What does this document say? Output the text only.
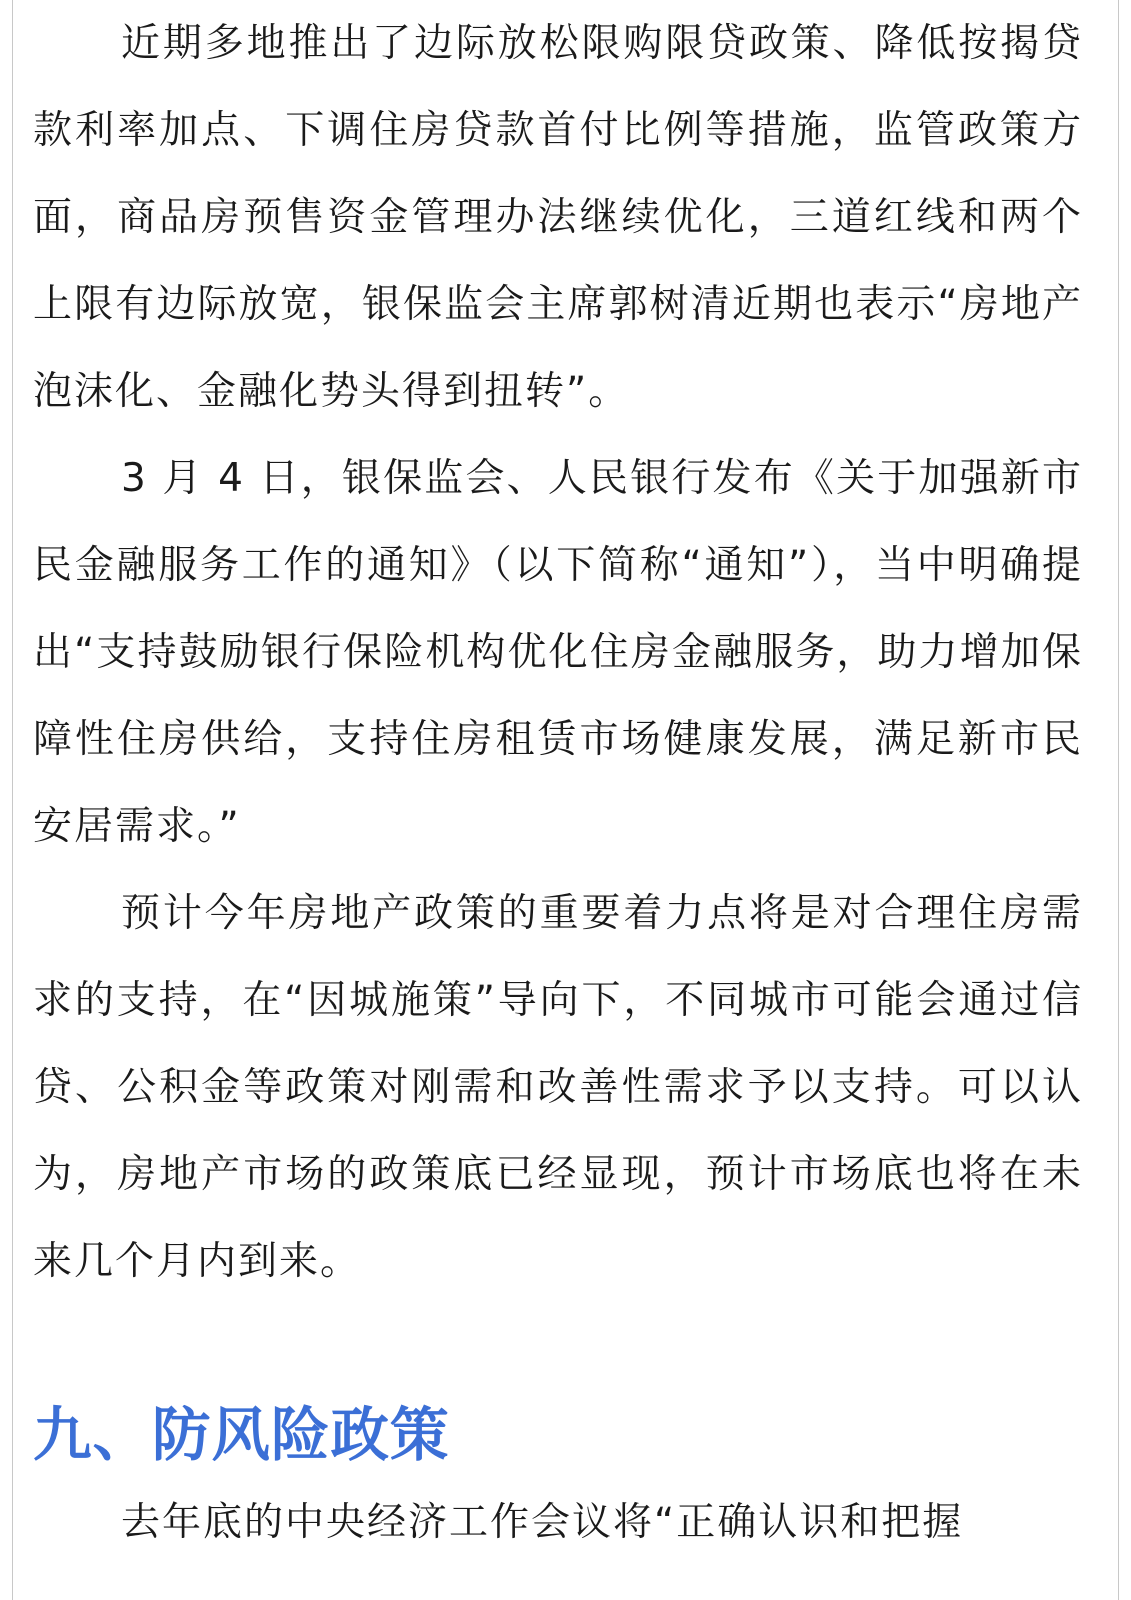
近期多地推出了边际放松限购限贷政策、降低按揭贷款利率加点、下调住房贷款首付比例等措施，监管政策方面，商品房预售资金管理办法继续优化，三道红线和两个上限有边际放宽，银保监会主席郭树清近期也表示“房地产泡沫化、金融化势头得到扭转”。

3 月 4 日，银保监会、人民银行发布《关于加强新市民金融服务工作的通知》（以下简称“通知”），当中明确提出“支持鼓励银行保险机构优化住房金融服务，助力增加保障性住房供给，支持住房租赁市场健康发展，满足新市民安居需求。”

预计今年房地产政策的重要着力点将是对合理住房需求的支持，在“因城施策”导向下，不同城市可能会通过信贷、公积金等政策对刚需和改善性需求予以支持。可以认为，房地产市场的政策底已经显现，预计市场底也将在未来几个月内到来。

九、防风险政策

去年底的中央经济工作会议将“正确认识和把握
